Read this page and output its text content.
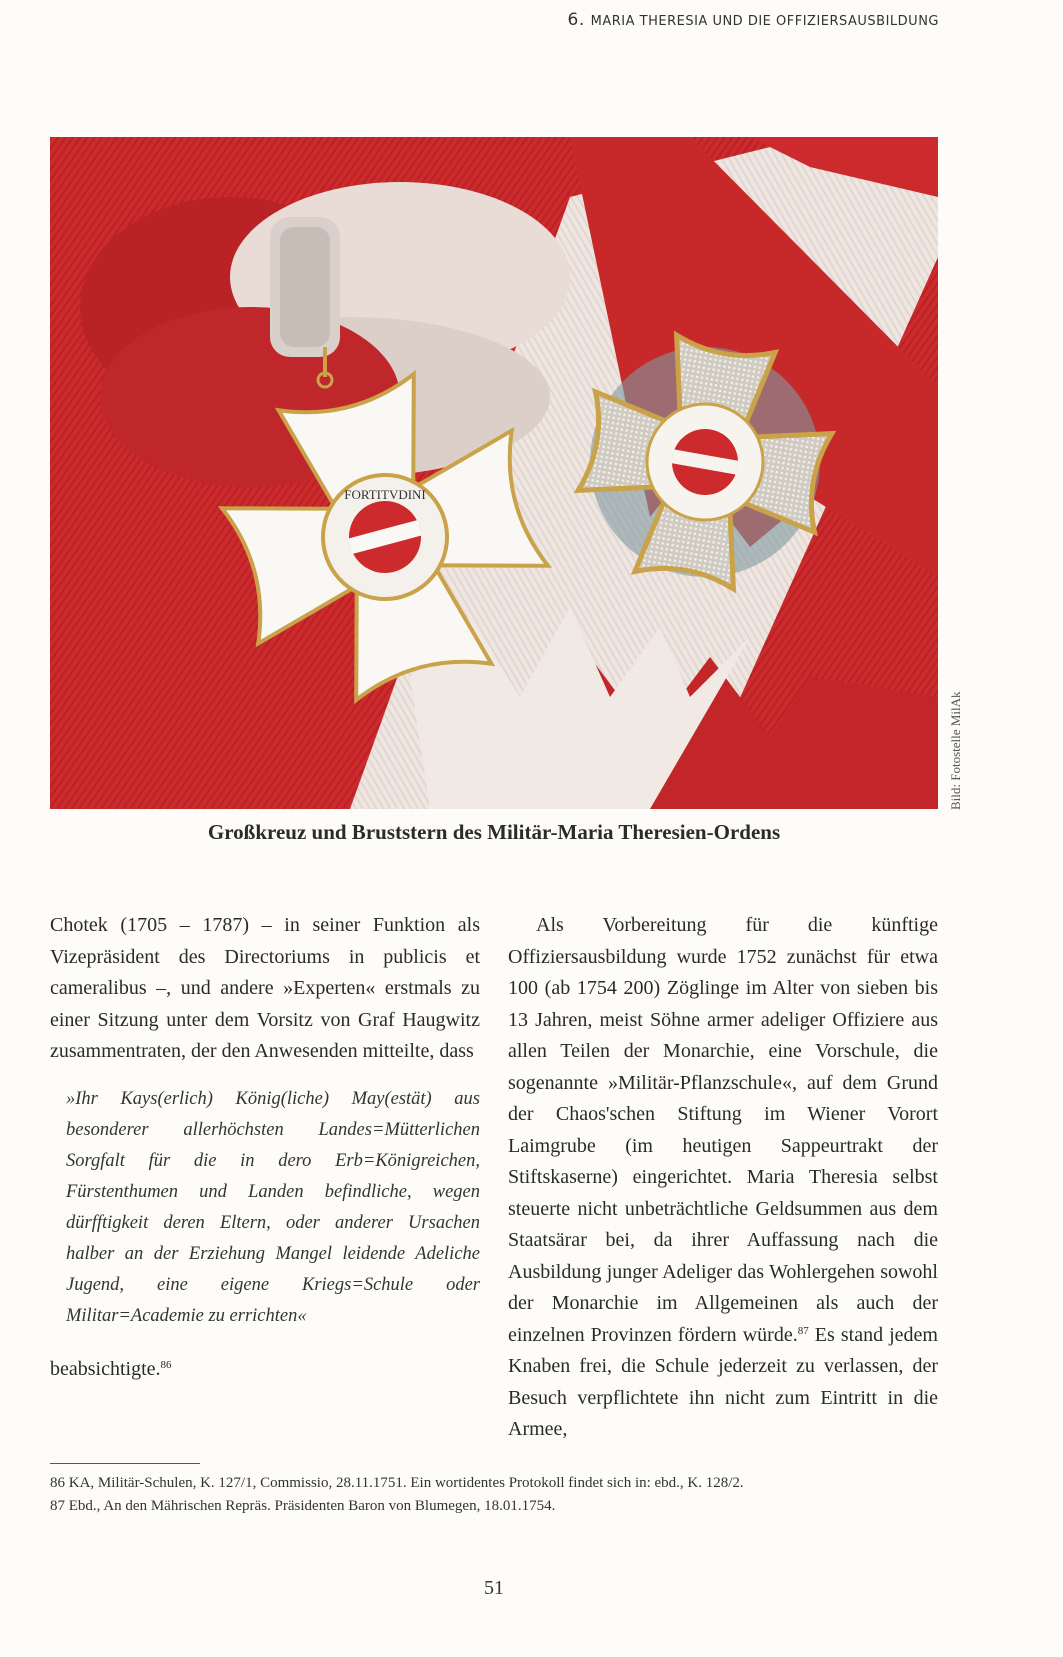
6. MARIA THERESIA UND DIE OFFIZIERSAUSBILDUNG
FORTITVDINI
Bild: Fotostelle MilAk
Großkreuz und Bruststern des Militär-Maria Theresien-Ordens

Chotek (1705 – 1787) – in seiner Funktion als Vizepräsident des Directoriums in publicis et cameralibus –, und andere »Experten« erstmals zu einer Sitzung unter dem Vorsitz von Graf Haugwitz zusammentraten, der den Anwesenden mitteilte, dass

»Ihr Kays(erlich) König(liche) May(estät) aus besonderer allerhöchsten Landes=Mütterlichen Sorgfalt für die in dero Erb=Königreichen, Fürstenthumen und Landen befindliche, wegen dürfftigkeit deren Eltern, oder anderer Ursachen halber an der Erziehung Mangel leidende Adeliche Jugend, eine eigene Kriegs=Schule oder Militar=Academie zu errichten«

beabsichtigte.$^{86}$

Als Vorbereitung für die künftige Offiziersausbildung wurde 1752 zunächst für etwa 100 (ab 1754 200) Zöglinge im Alter von sieben bis 13 Jahren, meist Söhne armer adeliger Offiziere aus allen Teilen der Monarchie, eine Vorschule, die sogenannte »Militär-Pflanzschule«, auf dem Grund der Chaos'schen Stiftung im Wiener Vorort Laimgrube (im heutigen Sappeurtrakt der Stiftskaserne) eingerichtet. Maria Theresia selbst steuerte nicht unbeträchtliche Geldsummen aus dem Staatsärar bei, da ihrer Auffassung nach die Ausbildung junger Adeliger das Wohlergehen sowohl der Monarchie im Allgemeinen als auch der einzelnen Provinzen fördern würde.$^{87}$ Es stand jedem Knaben frei, die Schule jederzeit zu verlassen, der Besuch verpflichtete ihn nicht zum Eintritt in die Armee,

86 KA, Militär-Schulen, K. 127/1, Commissio, 28.11.1751. Ein wortidentes Protokoll findet sich in: ebd., K. 128/2.
87 Ebd., An den Mährischen Repräs. Präsidenten Baron von Blumegen, 18.01.1754.
51
